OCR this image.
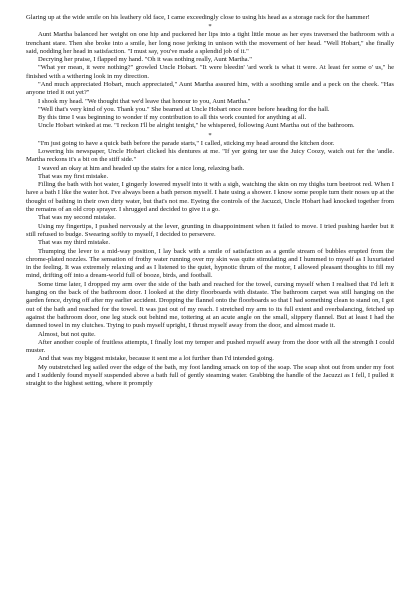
Glaring up at the wide smile on his leathery old face, I came exceedingly close to using his head as a storage rack for the hammer!

*

Aunt Martha balanced her weight on one hip and puckered her lips into a tight little moue as her eyes traversed the bathroom with a trenchant stare. Then she broke into a smile, her long nose jerking in unison with the movement of her head. "Well Hobart," she finally said, nodding her head in satisfaction. "I must say, you've made a splendid job of it."

Decrying her praise, I flapped my hand. "Oh it was nothing really, Aunt Martha."

"What yer mean, it were nothing?" growled Uncle Hobart. "It were bleedin' 'ard work is what it were. At least fer some o' us," he finished with a withering look in my direction.

"And much appreciated Hobart, much appreciated," Aunt Martha assured him, with a soothing smile and a peck on the cheek. "Has anyone tried it out yet?"

I shook my head. "We thought that we'd leave that honour to you, Aunt Martha."

"Well that's very kind of you. Thank you." She beamed at Uncle Hobart once more before heading for the hall.

By this time I was beginning to wonder if my contribution to all this work counted for anything at all.

Uncle Hobart winked at me. "I reckon I'll be alright tenight," he whispered, following Aunt Martha out of the bathroom.

*

"I'm just going to have a quick bath before the parade starts," I called, sticking my head around the kitchen door.

Lowering his newspaper, Uncle Hobart clicked his dentures at me. "If yer going ter use the Juicy Coozy, watch out fer the 'andle. Martha reckons it's a bit on the stiff side."

I waved an okay at him and headed up the stairs for a nice long, relaxing bath.

That was my first mistake.

Filling the bath with hot water, I gingerly lowered myself into it with a sigh, watching the skin on my thighs turn beetroot red. When I have a bath I like the water hot. I've always been a bath person myself. I hate using a shower. I know some people turn their noses up at the thought of bathing in their own dirty water, but that's not me. Eyeing the controls of the Jacuzzi, Uncle Hobart had knocked together from the remains of an old crop sprayer. I shrugged and decided to give it a go.

That was my second mistake.

Using my fingertips, I pushed nervously at the lever, grunting in disappointment when it failed to move. I tried pushing harder but it still refused to budge. Swearing softly to myself, I decided to persevere.

That was my third mistake.

Thumping the lever to a mid-way position, I lay back with a smile of satisfaction as a gentle stream of bubbles erupted from the chrome-plated nozzles. The sensation of frothy water running over my skin was quite stimulating and I hummed to myself as I luxuriated in the feeling. It was extremely relaxing and as I listened to the quiet, hypnotic thrum of the motor, I allowed pleasant thoughts to fill my mind, drifting off into a dream-world full of booze, birds, and football.

Some time later, I dropped my arm over the side of the bath and reached for the towel, cursing myself when I realised that I'd left it hanging on the back of the bathroom door. I looked at the dirty floorboards with distaste. The bathroom carpet was still hanging on the garden fence, drying off after my earlier accident. Dropping the flannel onto the floorboards so that I had something clean to stand on, I got out of the bath and reached for the towel. It was just out of my reach. I stretched my arm to its full extent and overbalancing, fetched up against the bathroom door, one leg stuck out behind me, tottering at an acute angle on the small, slippery flannel. But at least I had the damned towel in my clutches. Trying to push myself upright, I thrust myself away from the door, and almost made it.

Almost, but not quite.

After another couple of fruitless attempts, I finally lost my temper and pushed myself away from the door with all the strength I could muster.

And that was my biggest mistake, because it sent me a lot further than I'd intended going.

My outstretched leg sailed over the edge of the bath, my foot landing smack on top of the soap. The soap shot out from under my foot and I suddenly found myself suspended above a bath full of gently steaming water. Grabbing the handle of the Jacuzzi as I fell, I pulled it straight to the highest setting, where it promptly
